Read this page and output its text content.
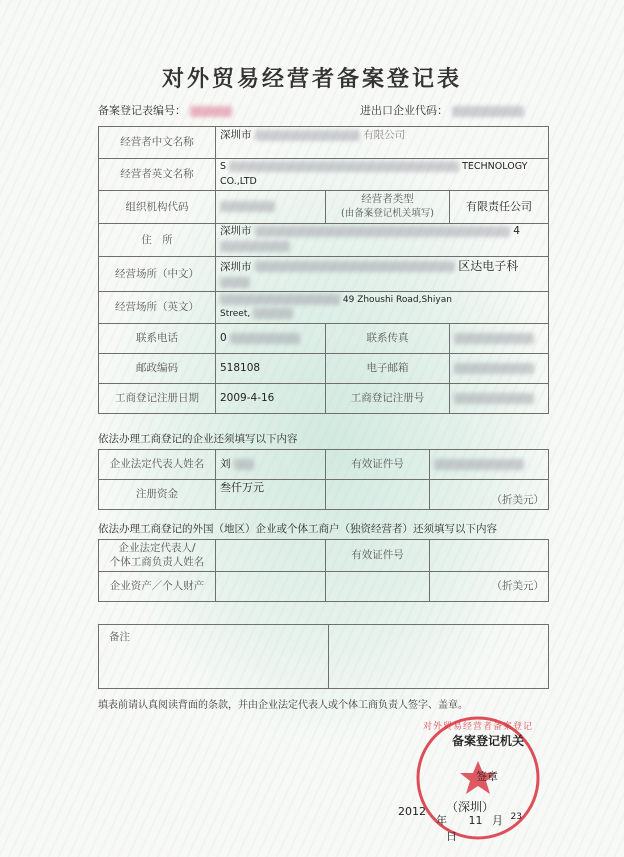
对外贸易经营者备案登记表
备案登记表编号：	进出口企业代码：
经营者中文名称	深圳市 有限公司		
经营者英文名称	S TECHNOLOGY
CO.,LTD		
组织机构代码		经营者类型
(由备案登记机关填写)	有限责任公司
住　所	深圳市 4		

经营场所（中文）	深圳市 区达电子科		

经营场所（英文）	49 Zhoushi Road,Shiyan
Street,		
联系电话	0	联系传真	
邮政编码	518108	电子邮箱	
工商登记注册日期	2009-4-16	工商登记注册号	
依法办理工商登记的企业还须填写以下内容
企业法定代表人姓名	刘	有效证件号	
注册资金	叁仟万元		（折美元）
依法办理工商登记的外国（地区）企业或个体工商户（独资经营者）还须填写以下内容
企业法定代表人/
个体工商负责人姓名		有效证件号	
企业资产／个人财产			（折美元）
备注	
填表前请认真阅读背面的条款，并由企业法定代表人或个体工商负责人签字、盖章。
对外贸易经营者备案登记
备案登记机关
签章
（深圳）
2012
年 11 月 $^{23}$ 日
